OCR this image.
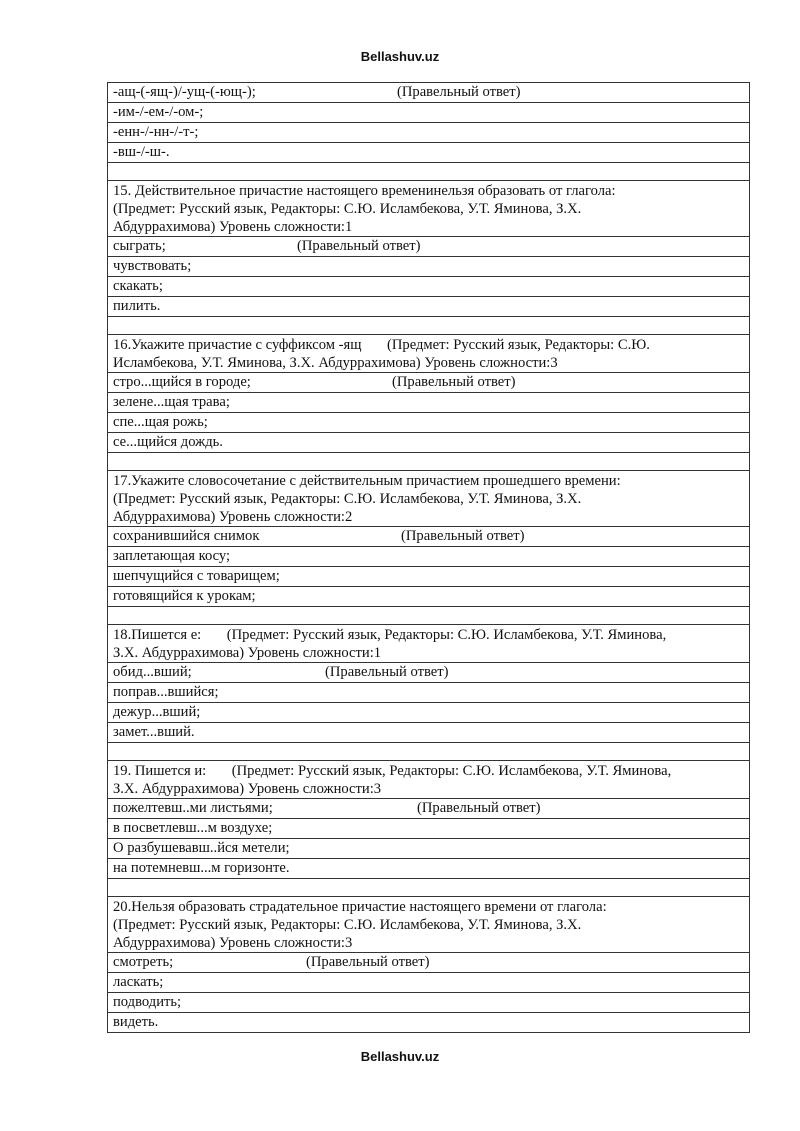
Bellashuv.uz
-ащ-(-ящ-)/-ущ-(-ющ-);	(Правельный ответ)

-им-/-ем-/-ом-;
-енн-/-нн-/-т-;
-вш-/-ш-.

15. Действительное причастие настоящего временинельзя образовать от глагола:
(Предмет: Русский язык, Редакторы: С.Ю. Исламбекова, У.Т. Яминова, З.Х.
Абдуррахимова) Уровень сложности:1

сыграть;	(Правельный ответ)

чувствовать;
скакать;
пилить.

16.Укажите причастие с суффиксом -ящ       (Предмет: Русский язык, Редакторы: С.Ю.
Исламбекова, У.Т. Яминова, З.Х. Абдуррахимова) Уровень сложности:3

стро...щийся в городе;	(Правельный ответ)

зелене...щая трава;
спе...щая рожь;
се...щийся дождь.

17.Укажите словосочетание с действительным причастием прошедшего времени:
(Предмет: Русский язык, Редакторы: С.Ю. Исламбекова, У.Т. Яминова, З.Х.
Абдуррахимова) Уровень сложности:2

сохранившийся снимок	(Правельный ответ)

заплетающая косу;
шепчущийся с товарищем;
готовящийся к урокам;

18.Пишется е:       (Предмет: Русский язык, Редакторы: С.Ю. Исламбекова, У.Т. Яминова,
З.Х. Абдуррахимова) Уровень сложности:1

обид...вший;	(Правельный ответ)

поправ...вшийся;
дежур...вший;
замет...вший.

19. Пишется и:       (Предмет: Русский язык, Редакторы: С.Ю. Исламбекова, У.Т. Яминова,
З.Х. Абдуррахимова) Уровень сложности:3

пожелтевш..ми листьями;	(Правельный ответ)

в посветлевш...м воздухе;
О разбушевавш..йся метели;
на потемневш...м горизонте.

20.Нельзя образовать страдательное причастие настоящего времени от глагола:
(Предмет: Русский язык, Редакторы: С.Ю. Исламбекова, У.Т. Яминова, З.Х.
Абдуррахимова) Уровень сложности:3

смотреть;	(Правельный ответ)

ласкать;
подводить;
видеть.
Bellashuv.uz
